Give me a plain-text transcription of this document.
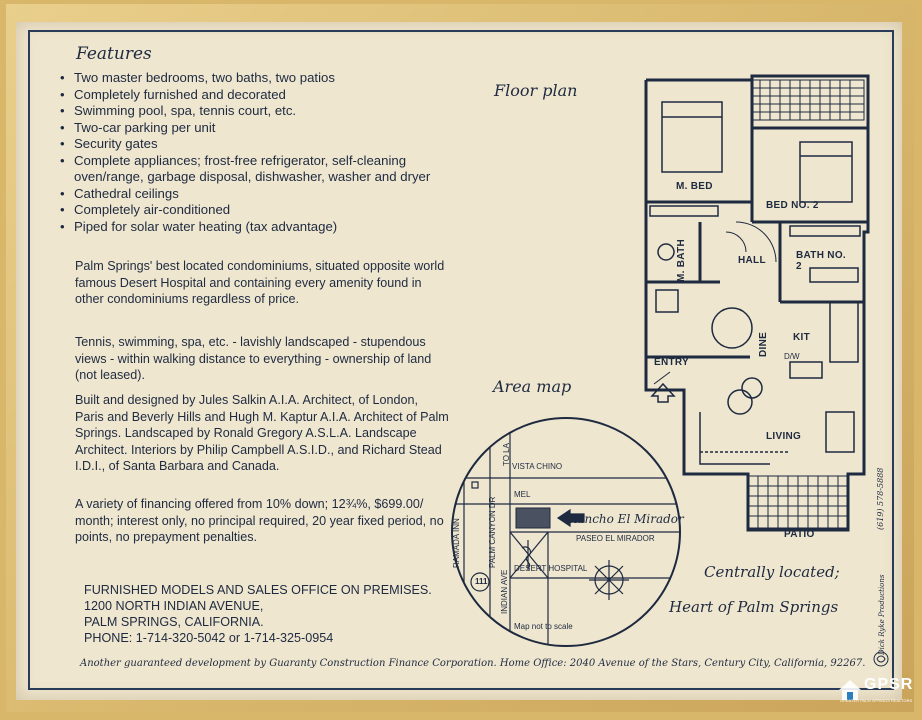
Features
• Two master bedrooms, two baths, two patios
• Completely furnished and decorated
• Swimming pool, spa, tennis court, etc.
• Two-car parking per unit
• Security gates
• Complete appliances; frost-free refrigerator, self-cleaning oven/range, garbage disposal, dishwasher, washer and dryer
• Cathedral ceilings
• Completely air-conditioned
• Piped for solar water heating (tax advantage)

Palm Springs' best located condominiums, situated opposite world famous Desert Hospital and containing every amenity found in other condominiums regardless of price.

Tennis, swimming, spa, etc. - lavishly landscaped - stupendous views - within walking distance to everything - ownership of land (not leased).

Built and designed by Jules Salkin A.I.A. Architect, of London, Paris and Beverly Hills and Hugh M. Kaptur A.I.A. Architect of Palm Springs. Landscaped by Ronald Gregory A.S.L.A. Landscape Architect. Interiors by Philip Campbell A.S.I.D., and Richard Stead I.D.I., of Santa Barbara and Canada.

A variety of financing offered from 10% down; 12¾%, $699.00/ month; interest only, no principal required, 20 year fixed period, no points, no prepayment penalties.

FURNISHED MODELS AND SALES OFFICE ON PREMISES.
1200 NORTH INDIAN AVENUE,
PALM SPRINGS, CALIFORNIA.
PHONE: 1-714-320-5042 or 1-714-325-0954
Another guaranteed development by Guaranty Construction Finance Corporation. Home Office: 2040 Avenue of the Stars, Century City, California, 92267.
Floor plan
M. BED
BED NO. 2
M. BATH	HALL	BATH NO. 2
KIT
DINE
ENTRY
LIVING
PATIO
D/W
Dick Ryke Productions
(619) 578-5888
Area map
VISTA CHINO
TO LA
RAMADA INN	PALM CANYON DR
MEL
PASEO EL MIRADOR
INDIAN AVE
DESERT HOSPITAL
111
Map not to scale
Rancho El Mirador
Centrally located;
Heart of Palm Springs
GPSR
GREATER PALM SPRINGS REALTORS
